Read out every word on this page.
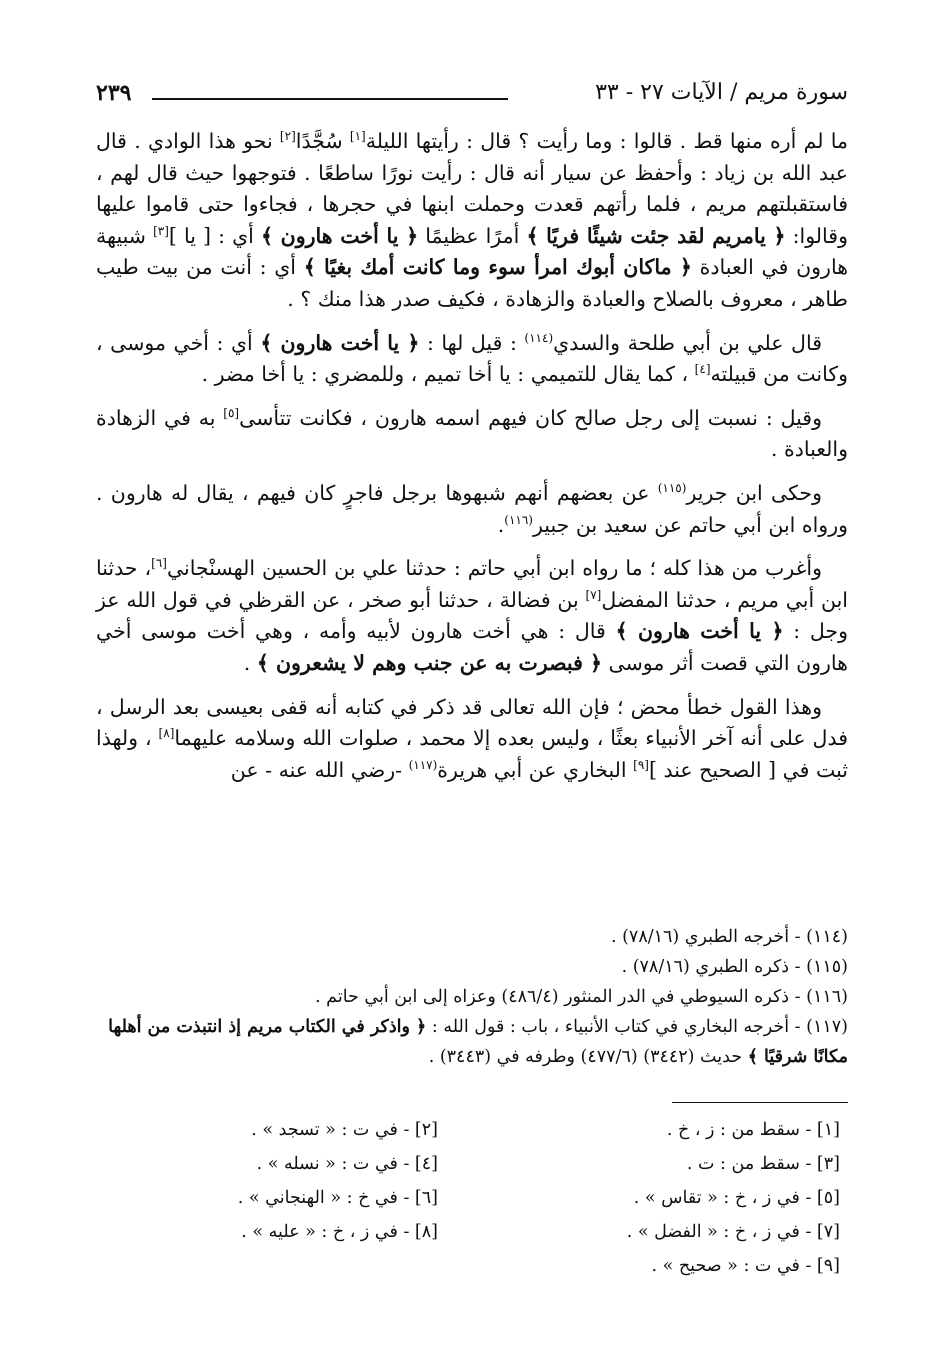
سورة مريم / الآيات ٢٧ - ٣٣
٢٣٩

ما لم أره منها قط . قالوا : وما رأيت ؟ قال : رأيتها الليلة[١] سُجَّدًا[٢] نحو هذا الوادي . قال عبد الله بن زياد : وأحفظ عن سيار أنه قال : رأيت نورًا ساطعًا . فتوجهوا حيث قال لهم ، فاستقبلتهم مريم ، فلما رأتهم قعدت وحملت ابنها في حجرها ، فجاءوا حتى قاموا عليها وقالوا: ﴿ يامريم لقد جئت شيئًا فريًا ﴾ أمرًا عظيمًا ﴿ يا أخت هارون ﴾ أي : [ يا ][٣] شبيهة هارون في العبادة ﴿ ماكان أبوك امرأ سوء وما كانت أمك بغيًا ﴾ أي : أنت من بيت طيب طاهر ، معروف بالصلاح والعبادة والزهادة ، فكيف صدر هذا منك ؟ .

قال علي بن أبي طلحة والسدي$^{(١١٤)}$ : قيل لها : ﴿ يا أخت هارون ﴾ أي : أخي موسى ، وكانت من قبيلته[٤] ، كما يقال للتميمي : يا أخا تميم ، وللمضري : يا أخا مضر .

وقيل : نسبت إلى رجل صالح كان فيهم اسمه هارون ، فكانت تتأسى[٥] به في الزهادة والعبادة .

وحكى ابن جرير$^{(١١٥)}$ عن بعضهم أنهم شبهوها برجل فاجرٍ كان فيهم ، يقال له هارون . ورواه ابن أبي حاتم عن سعيد بن جبير$^{(١١٦)}$.

وأغرب من هذا كله ؛ ما رواه ابن أبي حاتم : حدثنا علي بن الحسين الهسنْجاني[٦]، حدثنا ابن أبي مريم ، حدثنا المفضل[٧] بن فضالة ، حدثنا أبو صخر ، عن القرظي في قول الله عز وجل : ﴿ يا أخت هارون ﴾ قال : هي أخت هارون لأبيه وأمه ، وهي أخت موسى أخي هارون التي قصت أثر موسى ﴿ فبصرت به عن جنب وهم لا يشعرون ﴾ .

وهذا القول خطأ محض ؛ فإن الله تعالى قد ذكر في كتابه أنه قفى بعيسى بعد الرسل ، فدل على أنه آخر الأنبياء بعثًا ، وليس بعده إلا محمد ، صلوات الله وسلامه عليهما[٨] ، ولهذا ثبت في [ الصحيح عند ][٩] البخاري عن أبي هريرة$^{(١١٧)}$ -رضي الله عنه - عن

(١١٤) - أخرجه الطبري (٧٨/١٦) .

(١١٥) - ذكره الطبري (٧٨/١٦) .

(١١٦) - ذكره السيوطي في الدر المنثور (٤٨٦/٤) وعزاه إلى ابن أبي حاتم .

(١١٧) - أخرجه البخاري في كتاب الأنبياء ، باب : قول الله : ﴿ واذكر في الكتاب مريم إذ انتبذت من أهلها مكانًا شرقيًا ﴾ حديث (٣٤٤٢) (٤٧٧/٦) وطرفه في (٣٤٤٣) .

[١] - سقط من : ز ، خ .
[٢] - في ت : « تسجد » .
[٣] - سقط من : ت .
[٤] - في ت : « نسله » .
[٥] - في ز ، خ : « تقاس » .
[٦] - في خ : « الهنجاني » .
[٧] - في ز ، خ : « الفضل » .
[٨] - في ز ، خ : « عليه » .
[٩] - في ت : « صحيح » .
